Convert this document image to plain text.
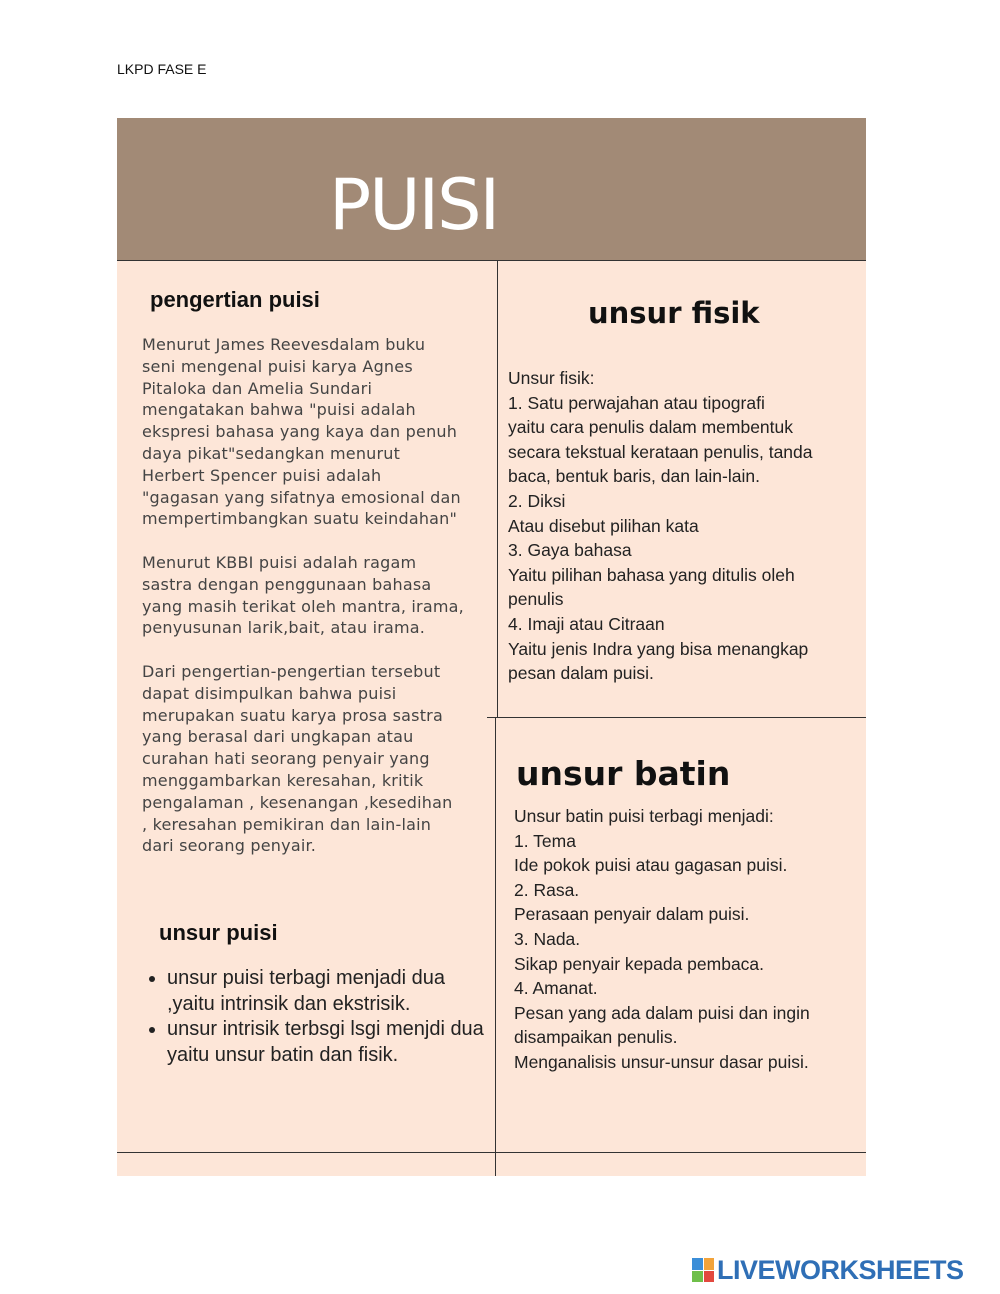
LKPD FASE E
PUISI
pengertian puisi
Menurut James Reevesdalam buku
seni mengenal puisi karya Agnes
Pitaloka dan Amelia Sundari
mengatakan bahwa "puisi adalah
ekspresi bahasa yang kaya dan penuh
daya pikat"sedangkan menurut
Herbert Spencer puisi adalah
"gagasan yang sifatnya emosional dan
mempertimbangkan suatu keindahan"

Menurut KBBI puisi adalah ragam
sastra dengan penggunaan bahasa
yang masih terikat oleh mantra, irama,
penyusunan larik,bait, atau irama.

Dari pengertian-pengertian tersebut
dapat disimpulkan bahwa puisi
merupakan suatu karya prosa sastra
yang berasal dari ungkapan atau
curahan hati seorang penyair yang
menggambarkan keresahan, kritik
pengalaman , kesenangan ,kesedihan
, keresahan pemikiran dan lain-lain
dari seorang penyair.
unsur puisi
• unsur puisi terbagi menjadi dua ,yaitu intrinsik dan ekstrisik.
• unsur intrisik terbsgi lsgi menjdi dua yaitu unsur batin dan fisik.
unsur fisik
Unsur fisik:
1. Satu perwajahan atau tipografi
yaitu cara penulis dalam membentuk
secara tekstual kerataan penulis, tanda
baca, bentuk baris, dan lain-lain.
2. Diksi
Atau disebut pilihan kata
3. Gaya bahasa
Yaitu pilihan bahasa yang ditulis oleh
penulis
4. Imaji atau Citraan
Yaitu jenis Indra yang bisa menangkap
pesan dalam puisi.
unsur batin
Unsur batin puisi terbagi menjadi:
1. Tema
Ide pokok puisi atau gagasan puisi.
2. Rasa.
Perasaan penyair dalam puisi.
3. Nada.
Sikap penyair kepada pembaca.
4. Amanat.
Pesan yang ada dalam puisi dan ingin
disampaikan penulis.
Menganalisis unsur-unsur dasar puisi.
LIVEWORKSHEETS
